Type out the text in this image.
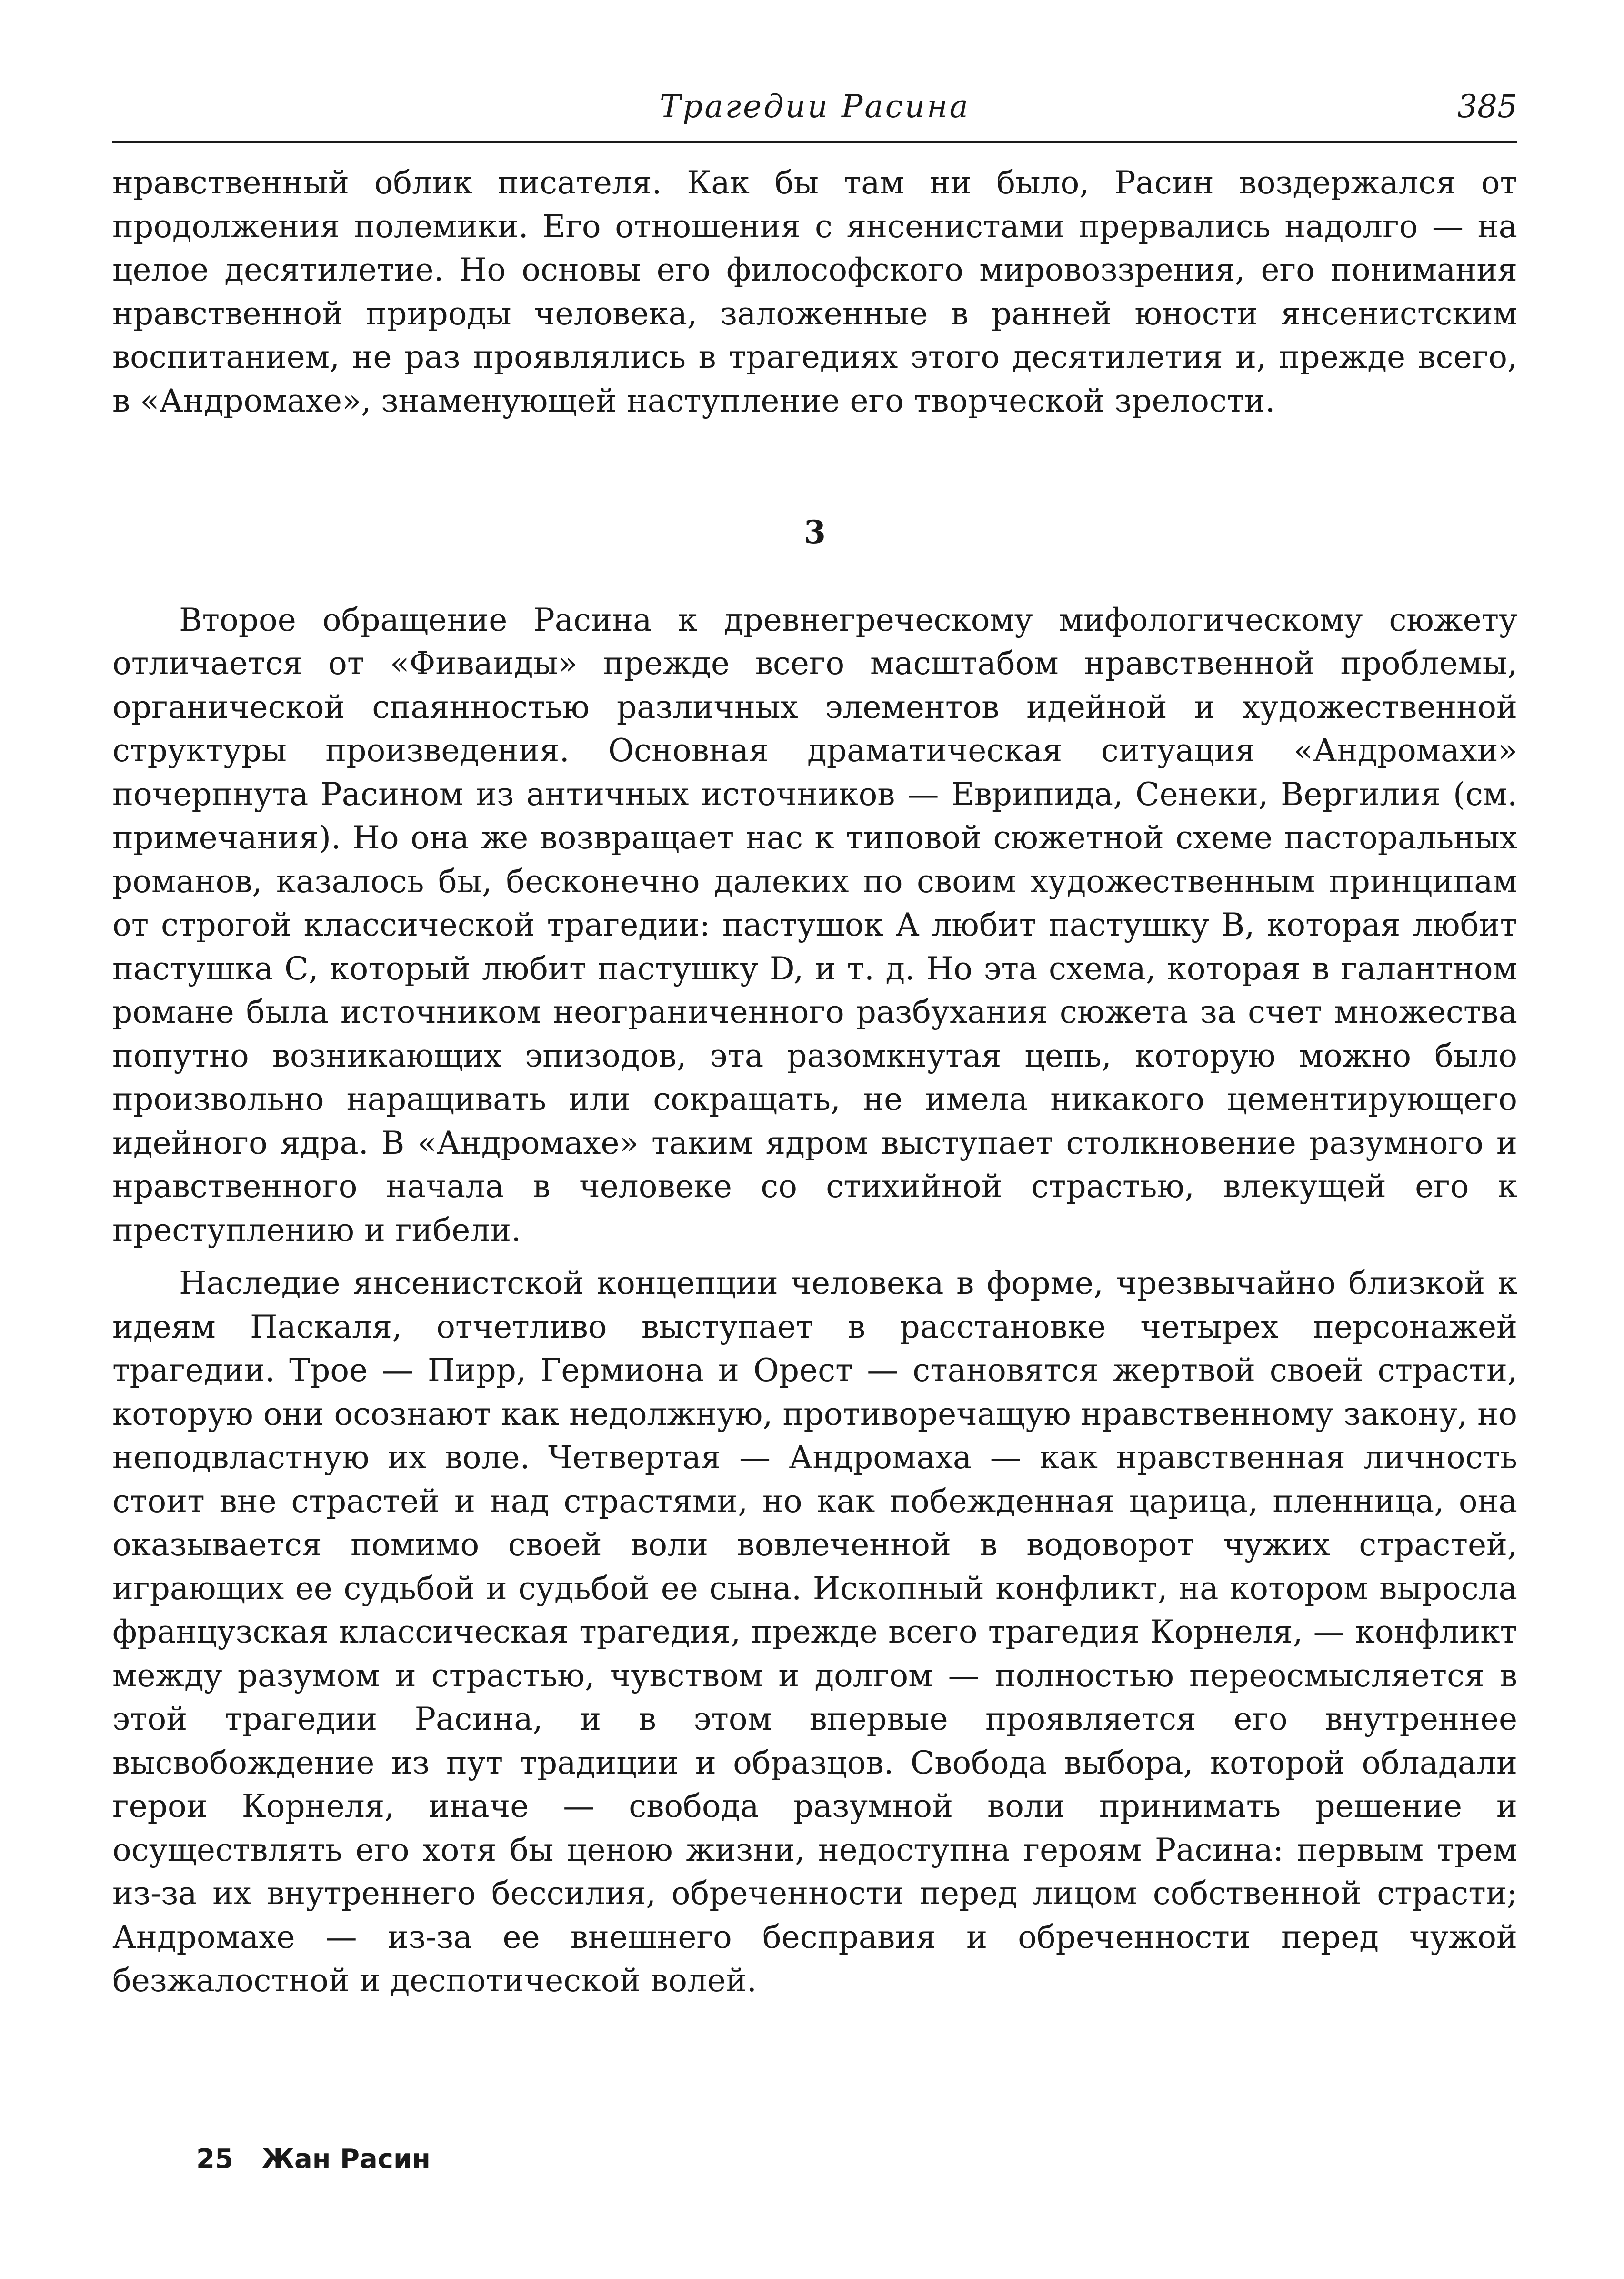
Трагедии Расина	385

нравственный облик писателя. Как бы там ни было, Расин воздержался от продолжения полемики. Его отношения с янсенистами прервались надолго — на целое десятилетие. Но основы его философского мировоззрения, его понимания нравственной природы человека, заложенные в ранней юности янсенистским воспитанием, не раз проявлялись в трагедиях этого десятилетия и, прежде всего, в «Андромахе», знаменующей наступление его творческой зрелости.

3

Второе обращение Расина к древнегреческому мифологическому сюжету отличается от «Фиваиды» прежде всего масштабом нравственной проблемы, органической спаянностью различных элементов идейной и художественной структуры произведения. Основная драматическая ситуация «Андромахи» почерпнута Расином из античных источников — Еврипида, Сенеки, Вергилия (см. примечания). Но она же возвращает нас к типовой сюжетной схеме пасторальных романов, казалось бы, бесконечно далеких по своим художественным принципам от строгой классической трагедии: пастушок А любит пастушку В, которая любит пастушка С, который любит пастушку D, и т. д. Но эта схема, которая в галантном романе была источником неограниченного разбухания сюжета за счет множества попутно возникающих эпизодов, эта разомкнутая цепь, которую можно было произвольно наращивать или сокращать, не имела никакого цементирующего идейного ядра. В «Андромахе» таким ядром выступает столкновение разумного и нравственного начала в человеке со стихийной страстью, влекущей его к преступлению и гибели.

Наследие янсенистской концепции человека в форме, чрезвычайно близкой к идеям Паскаля, отчетливо выступает в расстановке четырех персонажей трагедии. Трое — Пирр, Гермиона и Орест — становятся жертвой своей страсти, которую они осознают как недолжную, противоречащую нравственному закону, но неподвластную их воле. Четвертая — Андромаха — как нравственная личность стоит вне страстей и над страстями, но как побежденная царица, пленница, она оказывается помимо своей воли вовлеченной в водоворот чужих страстей, играющих ее судьбой и судьбой ее сына. Ископный конфликт, на котором выросла французская классическая трагедия, прежде всего трагедия Корнеля, — конфликт между разумом и страстью, чувством и долгом — полностью переосмысляется в этой трагедии Расина, и в этом впервые проявляется его внутреннее высвобождение из пут традиции и образцов. Свобода выбора, которой обладали герои Корнеля, иначе — свобода разумной воли принимать решение и осуществлять его хотя бы ценою жизни, недоступна героям Расина: первым трем из-за их внутреннего бессилия, обреченности перед лицом собственной страсти; Андромахе — из-за ее внешнего бесправия и обреченности перед чужой безжалостной и деспотической волей.

25 Жан Расин
